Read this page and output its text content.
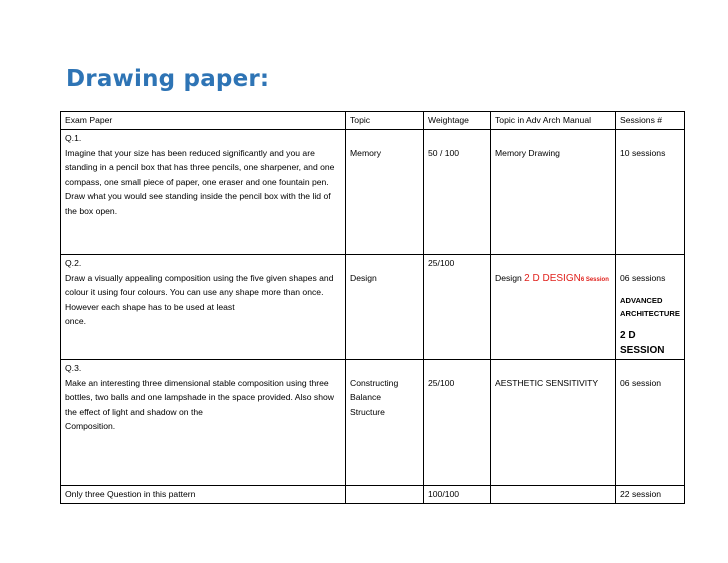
Drawing paper:
Exam Paper	Topic	Weightage	Topic in Adv Arch Manual	Sessions #
Q.1.
Imagine that your size has been reduced significantly and you are standing in a pencil box that has three pencils, one sharpener, and one compass, one small piece of paper, one eraser and one fountain pen. Draw what you would see standing inside the pencil box with the lid of the box open.	Memory	50 / 100	Memory Drawing	10 sessions
Q.2.
Draw a visually appealing composition using the five given shapes and colour it using four colours. You can use any shape more than once. However each shape has to be used at least
once.	Design	25/100	Design 2 D DESIGN6 Session	06 sessions
ADVANCED
ARCHITECTURE
2 D SESSION

Q.3.
Make an interesting three dimensional stable composition using three bottles, two balls and one lampshade in the space provided. Also show the effect of light and shadow on the
Composition.	Constructing
Balance
Structure	25/100	AESTHETIC SENSITIVITY	06 session
Only three Question in this pattern		100/100		22 session
